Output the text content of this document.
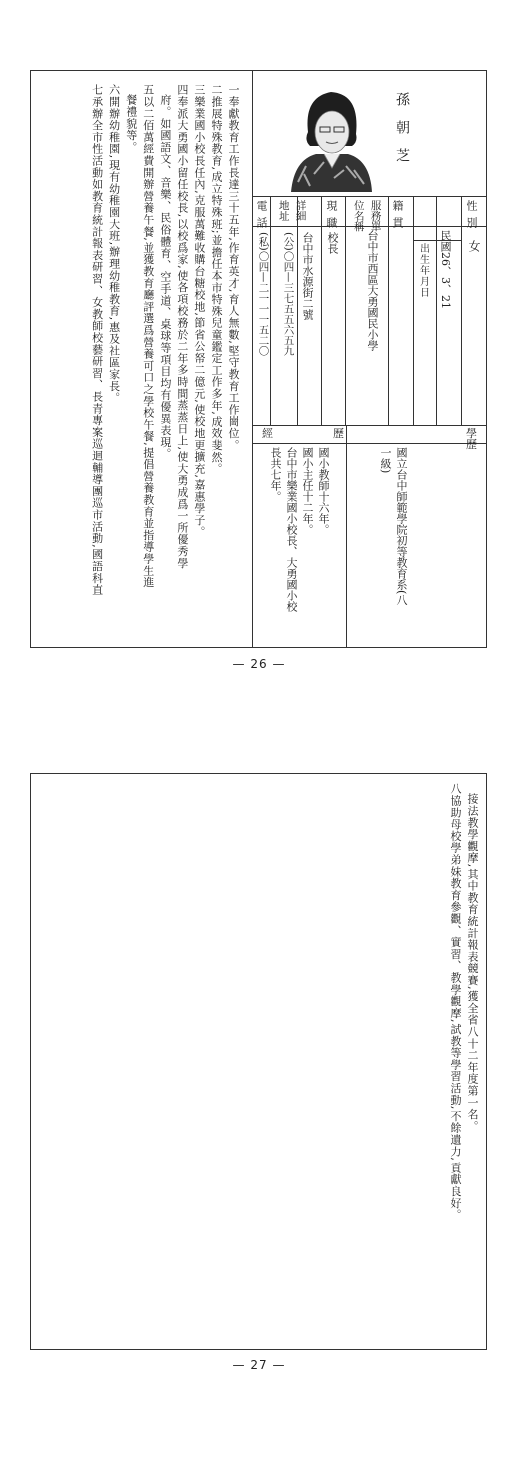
孫朝芝
性別
出生年月日
籍貫
服務單位名稱
現職
詳細地址
電話
女
民國26、3、21
台中市西區大勇國民小學
校長
台中市水源街二號
(公)〇四—三七五五六五九
(私)〇四—二一一一五二〇
學歷
經歷
國立台中師範學院初等教育系(八
一級)
國小教師十六年。
國小主任十二年。
台中市樂業國小校長、大勇國小校
長共七年。
一奉獻教育工作長達三十五年,作育英才,育人無數,堅守教育工作崗位。
二推展特殊教育,成立特殊班;並擔任本市特殊兒童鑑定工作多年,成效斐然。
三樂業國小校長任內,克服萬難收購台糖校地,節省公帑二億元,使校地更擴充,嘉惠學子。
四奉派大勇國小留任校長,以校爲家,使各項校務於二年多時間蒸蒸日上,使大勇成爲一所優秀學
府。如國語文、音樂、民俗體育、空手道、桌球等項目均有優異表現。
五以二佰萬經費開辦營養午餐,並獲教育廳評選爲營養可口之學校午餐,提倡營養教育並指導學生進
餐禮貌等。
六開辦幼稚園,現有幼稚園大班,辦理幼稚教育,惠及社區家長。
七承辦全市性活動如教育統計報表研習、女教師校藝研習、長青專案巡迴輔導團巡市活動,國語科直
— 26 —
接法教學觀摩,其中教育統計報表競賽,獲全省八十二年度第一名。
八協助母校學弟妹教育參觀、實習、教學觀摩,試教等學習活動,不餘遺力,貢獻良好。
— 27 —
